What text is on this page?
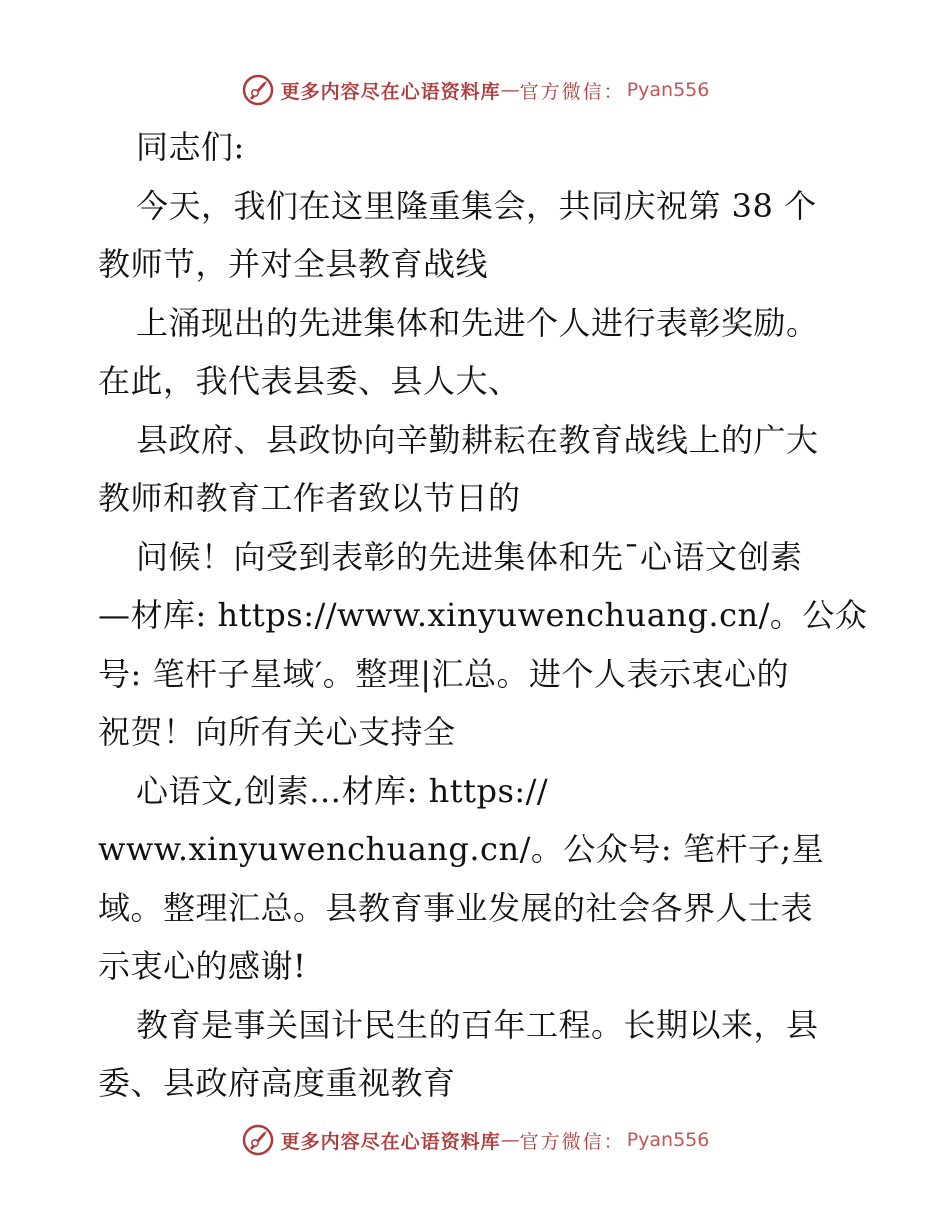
更多内容尽在心语资料库 — 官方微信 ： Pyan556
同志们:
今天，我们在这里隆重集会，共同庆祝第 38 个
教师节，并对全县教育战线
上涌现出的先进集体和先进个人进行表彰奖励。
在此，我代表县委、县人大、
县政府、县政协向辛勤耕耘在教育战线上的广大
教师和教育工作者致以节日的
问候！向受到表彰的先进集体和先¯心语文创素
—材库: https://www.xinyuwenchuang.cn/。公众
号: 笔杆子星域′。整理|汇总。进个人表示衷心的
祝贺！向所有关心支持全
心语文,创素…材库: https://
www.xinyuwenchuang.cn/。公众号: 笔杆子;星
域。整理汇总。县教育事业发展的社会各界人士表
示衷心的感谢!
教育是事关国计民生的百年工程。长期以来，县
委、县政府高度重视教育
更多内容尽在心语资料库 — 官方微信 ： Pyan556
